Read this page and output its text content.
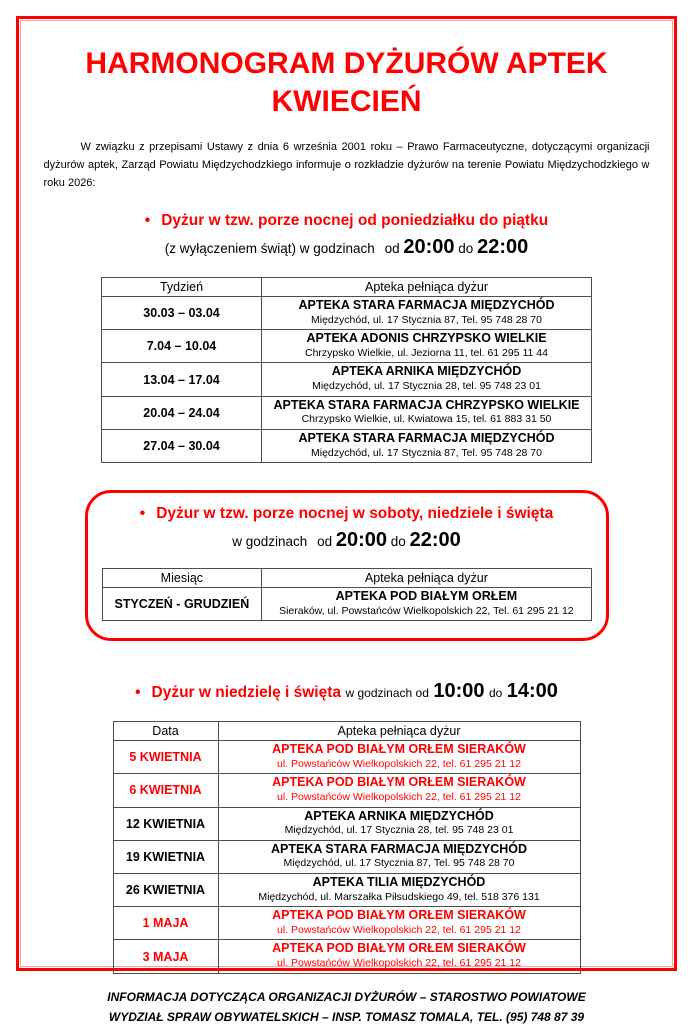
HARMONOGRAM DYŻURÓW APTEK
KWIECIEŃ

W związku z przepisami Ustawy z dnia 6 września 2001 roku – Prawo Farmaceutyczne, dotyczącymi organizacji dyżurów aptek, Zarząd Powiatu Międzychodzkiego informuje o rozkładzie dyżurów na terenie Powiatu Międzychodzkiego w roku 2026:

• Dyżur w tzw. porze nocnej od poniedziałku do piątku
(z wyłączeniem świąt) w godzinach od 20:00 do 22:00
Tydzień	Apteka pełniąca dyżur
30.03 – 03.04	APTEKA STARA FARMACJA MIĘDZYCHÓD
Międzychód, ul. 17 Stycznia 87, Tel. 95 748 28 70

7.04 – 10.04	APTEKA ADONIS CHRZYPSKO WIELKIE
Chrzypsko Wielkie, ul. Jeziorna 11, tel. 61 295 11 44

13.04 – 17.04	APTEKA ARNIKA MIĘDZYCHÓD
Międzychód, ul. 17 Stycznia 28, tel. 95 748 23 01

20.04 – 24.04	APTEKA STARA FARMACJA CHRZYPSKO WIELKIE
Chrzypsko Wielkie, ul. Kwiatowa 15, tel. 61 883 31 50

27.04 – 30.04	APTEKA STARA FARMACJA MIĘDZYCHÓD
Międzychód, ul. 17 Stycznia 87, Tel. 95 748 28 70
• Dyżur w tzw. porze nocnej w soboty, niedziele i święta
w godzinach od 20:00 do 22:00
Miesiąc	Apteka pełniąca dyżur
STYCZEŃ - GRUDZIEŃ	APTEKA POD BIAŁYM ORŁEM
Sieraków, ul. Powstańców Wielkopolskich 22, Tel. 61 295 21 12
• Dyżur w niedzielę i święta w godzinach od 10:00 do 14:00
Data	Apteka pełniąca dyżur
5 KWIETNIA	APTEKA POD BIAŁYM ORŁEM SIERAKÓW
ul. Powstańców Wielkopolskich 22, tel. 61 295 21 12

6 KWIETNIA	APTEKA POD BIAŁYM ORŁEM SIERAKÓW
ul. Powstańców Wielkopolskich 22, tel. 61 295 21 12

12 KWIETNIA	APTEKA ARNIKA MIĘDZYCHÓD
Międzychód, ul. 17 Stycznia 28, tel. 95 748 23 01

19 KWIETNIA	APTEKA STARA FARMACJA MIĘDZYCHÓD
Międzychód, ul. 17 Stycznia 87, Tel. 95 748 28 70

26 KWIETNIA	APTEKA TILIA MIĘDZYCHÓD
Międzychód, ul. Marszałka Piłsudskiego 49, tel. 518 376 131

1 MAJA	APTEKA POD BIAŁYM ORŁEM SIERAKÓW
ul. Powstańców Wielkopolskich 22, tel. 61 295 21 12

3 MAJA	APTEKA POD BIAŁYM ORŁEM SIERAKÓW
ul. Powstańców Wielkopolskich 22, tel. 61 295 21 12
INFORMACJA DOTYCZĄCA ORGANIZACJI DYŻURÓW – STAROSTWO POWIATOWE
WYDZIAŁ SPRAW OBYWATELSKICH – INSP. TOMASZ TOMALA, TEL. (95) 748 87 39
